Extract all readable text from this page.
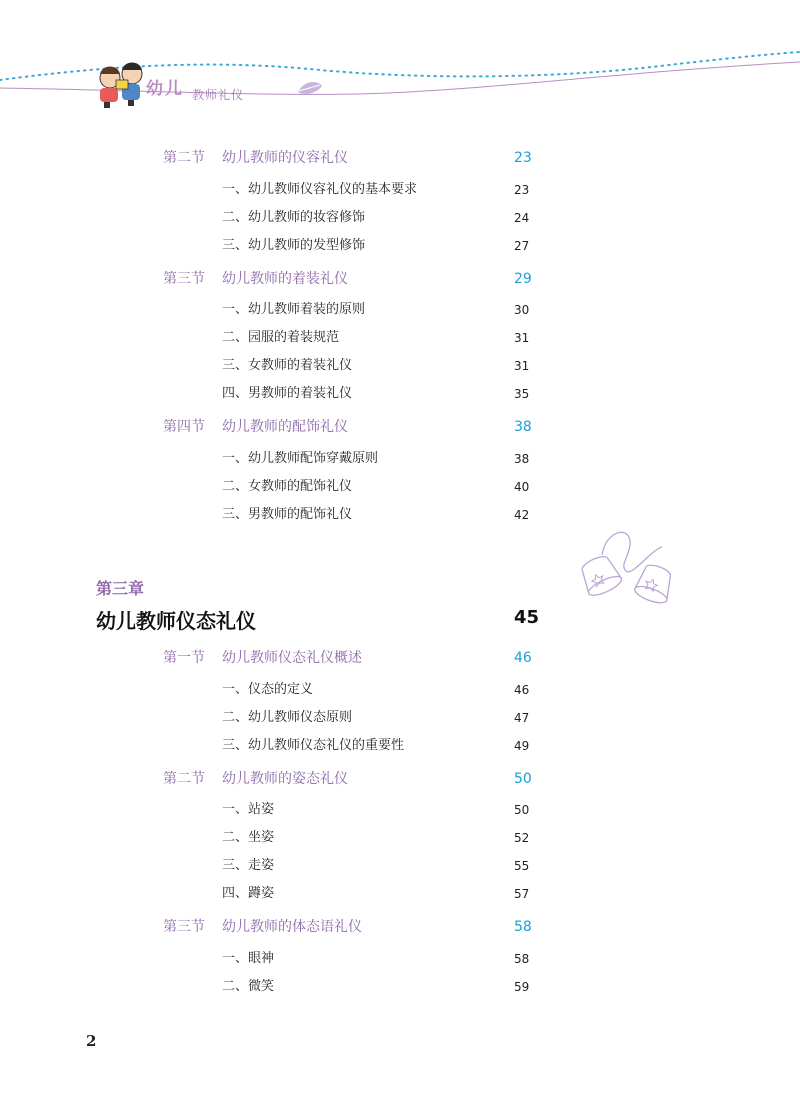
幼儿 教师礼仪
第二节 幼儿教师的仪容礼仪	23
一、幼儿教师仪容礼仪的基本要求	23
二、幼儿教师的妆容修饰	24
三、幼儿教师的发型修饰	27
第三节 幼儿教师的着装礼仪	29
一、幼儿教师着装的原则	30
二、园服的着装规范	31
三、女教师的着装礼仪	31
四、男教师的着装礼仪	35
第四节 幼儿教师的配饰礼仪	38
一、幼儿教师配饰穿戴原则	38
二、女教师的配饰礼仪	40
三、男教师的配饰礼仪	42
第三章
幼儿教师仪态礼仪	45
第一节 幼儿教师仪态礼仪概述	46
一、仪态的定义	46
二、幼儿教师仪态原则	47
三、幼儿教师仪态礼仪的重要性	49
第二节 幼儿教师的姿态礼仪	50
一、站姿	50
二、坐姿	52
三、走姿	55
四、蹲姿	57
第三节 幼儿教师的体态语礼仪	58
一、眼神	58
二、微笑	59
2
